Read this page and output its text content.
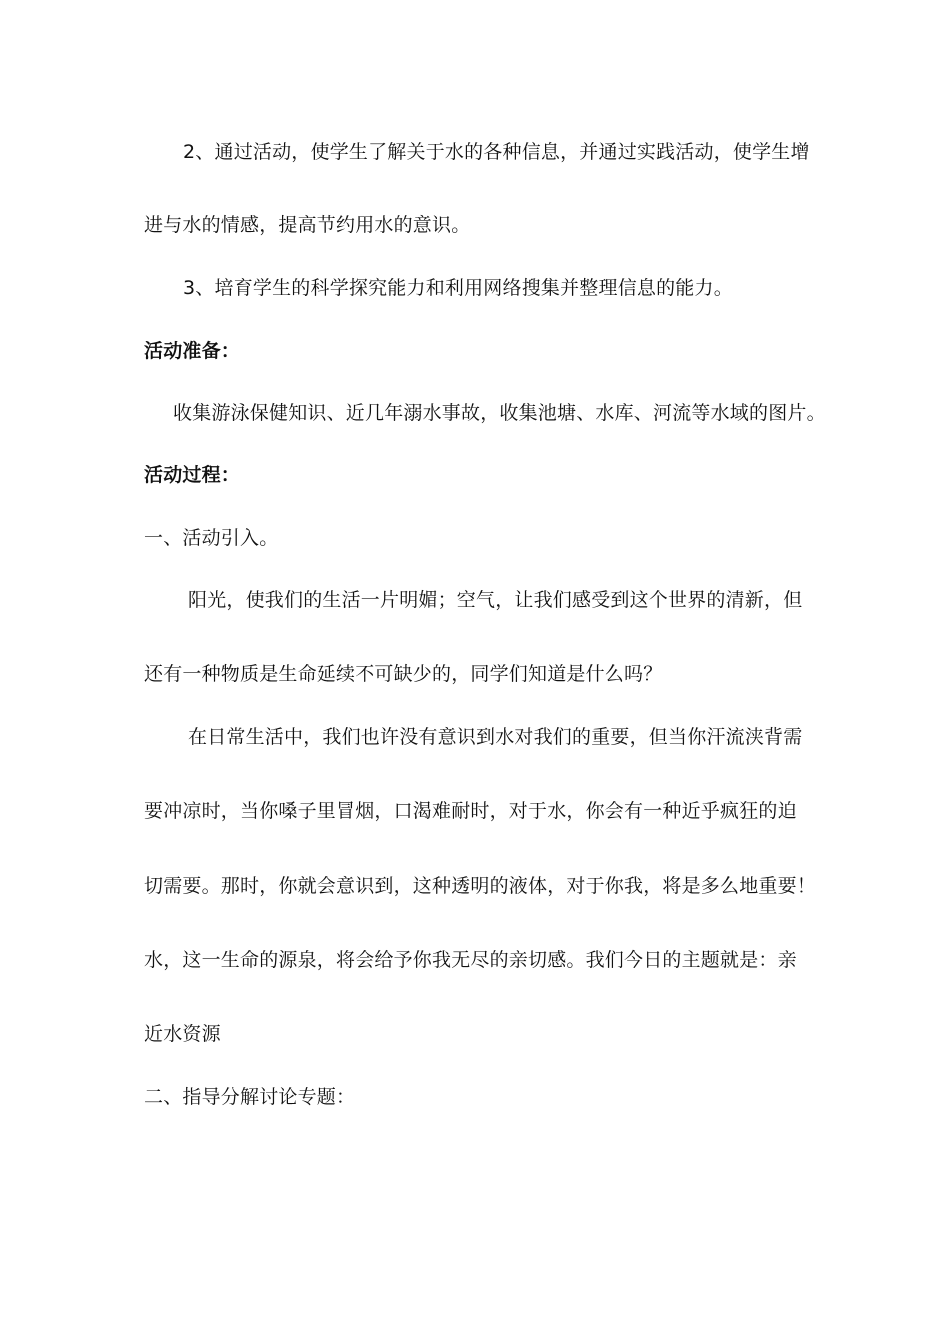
2、通过活动，使学生了解关于水的各种信息，并通过实践活动，使学生增
进与水的情感，提高节约用水的意识。
3、培育学生的科学探究能力和利用网络搜集并整理信息的能力。
活动准备：
收集游泳保健知识、近几年溺水事故，收集池塘、水库、河流等水域的图片。
活动过程：
一、活动引入。
阳光，使我们的生活一片明媚；空气，让我们感受到这个世界的清新，但
还有一种物质是生命延续不可缺少的，同学们知道是什么吗？
在日常生活中，我们也许没有意识到水对我们的重要，但当你汗流浃背需
要冲凉时，当你嗓子里冒烟，口渴难耐时，对于水，你会有一种近乎疯狂的迫
切需要。那时，你就会意识到，这种透明的液体，对于你我，将是多么地重要！
水，这一生命的源泉，将会给予你我无尽的亲切感。我们今日的主题就是：亲
近水资源
二、指导分解讨论专题：
